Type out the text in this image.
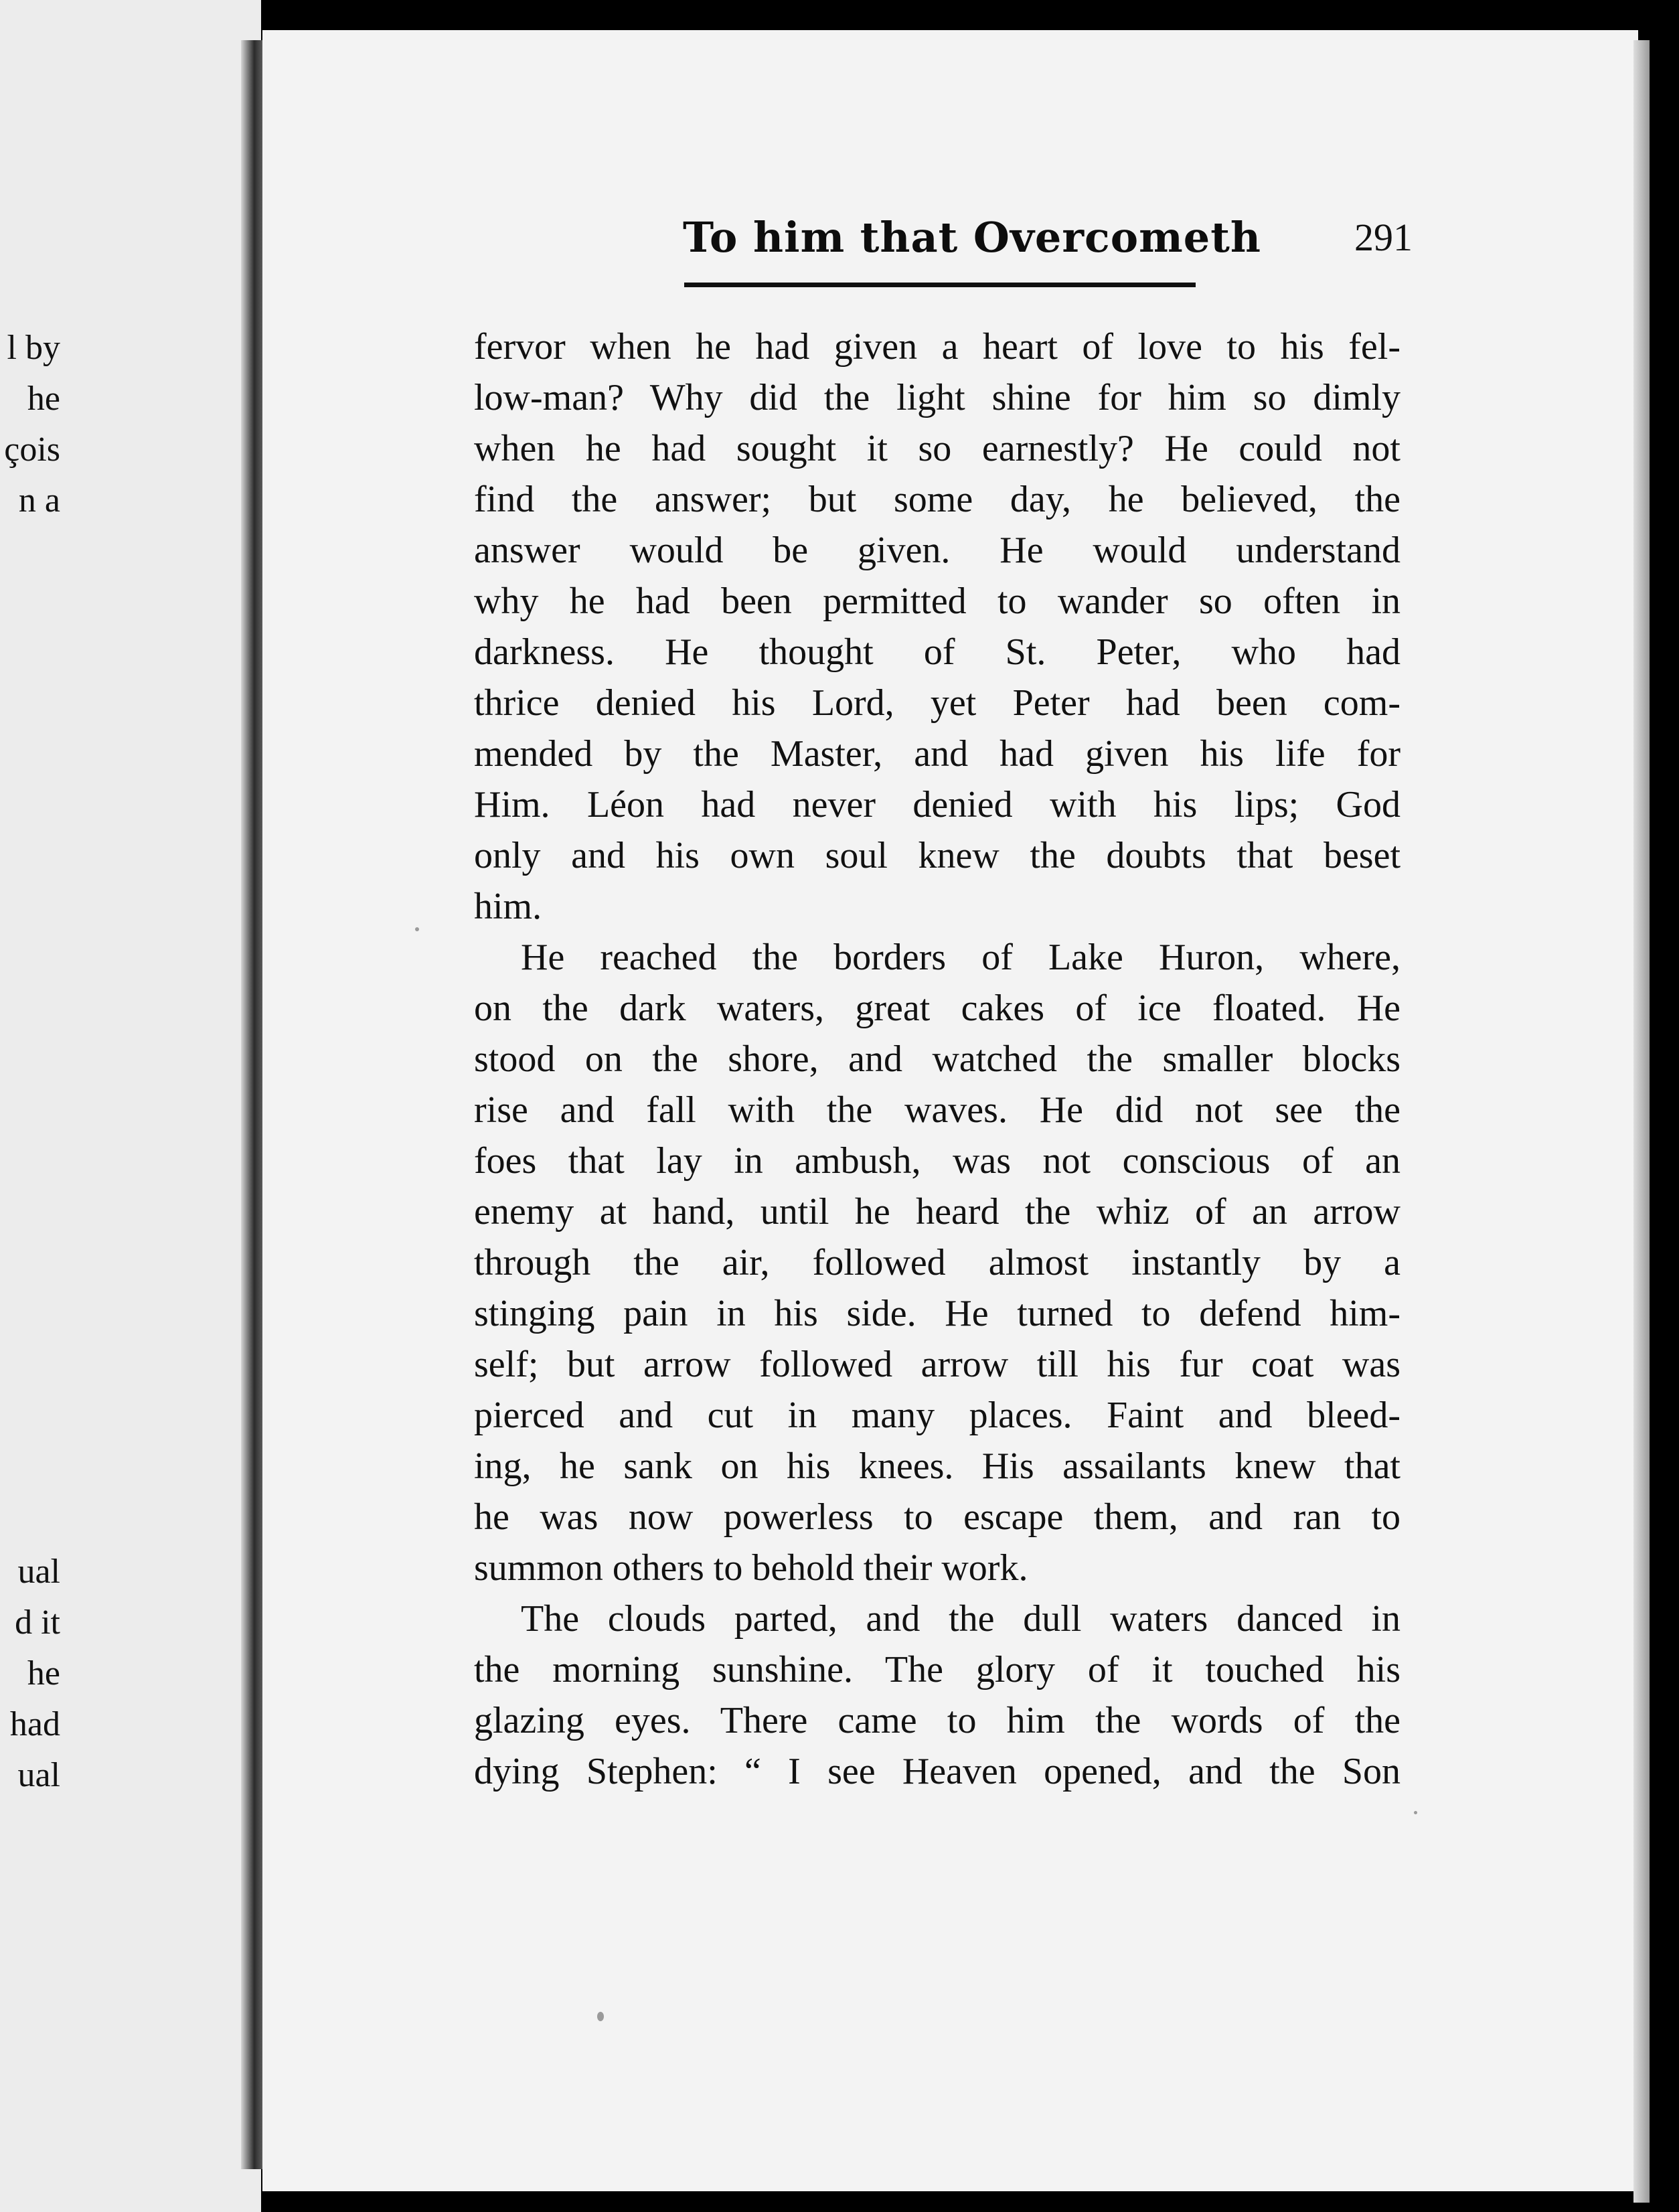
l by
he
çois
n a
ual
d it
he
had
ual
To him that Overcometh	291
fervor when he had given a heart of love to his fel-
low-man? Why did the light shine for him so dimly
when he had sought it so earnestly? He could not
find the answer; but some day, he believed, the
answer would be given. He would understand
why he had been permitted to wander so often in
darkness. He thought of St. Peter, who had
thrice denied his Lord, yet Peter had been com-
mended by the Master, and had given his life for
Him. Léon had never denied with his lips; God
only and his own soul knew the doubts that beset
him.
He reached the borders of Lake Huron, where,
on the dark waters, great cakes of ice floated. He
stood on the shore, and watched the smaller blocks
rise and fall with the waves. He did not see the
foes that lay in ambush, was not conscious of an
enemy at hand, until he heard the whiz of an arrow
through the air, followed almost instantly by a
stinging pain in his side. He turned to defend him-
self; but arrow followed arrow till his fur coat was
pierced and cut in many places. Faint and bleed-
ing, he sank on his knees. His assailants knew that
he was now powerless to escape them, and ran to
summon others to behold their work.
The clouds parted, and the dull waters danced in
the morning sunshine. The glory of it touched his
glazing eyes. There came to him the words of the
dying Stephen: “ I see Heaven opened, and the Son
